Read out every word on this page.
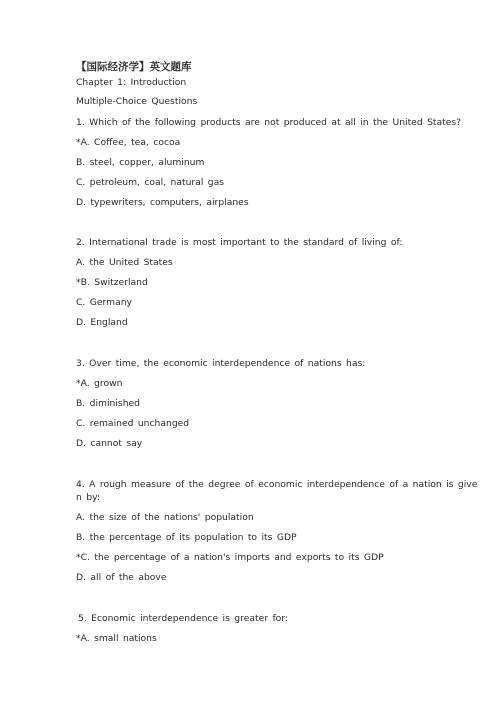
【国际经济学】英文题库
Chapter 1: Introduction
Multiple-Choice Questions
1. Which of the following products are not produced at all in the United States?
*A. Coffee, tea, cocoa
B. steel, copper, aluminum
C. petroleum, coal, natural gas
D. typewriters, computers, airplanes
2. International trade is most important to the standard of living of:
A. the United States
*B. Switzerland
C. Germany
D. England
3. Over time, the economic interdependence of nations has:
*A. grown
B. diminished
C. remained unchanged
D. cannot say
4. A rough measure of the degree of economic interdependence of a nation is give
n by:
A. the size of the nations' population
B. the percentage of its population to its GDP
*C. the percentage of a nation's imports and exports to its GDP
D. all of the above
5. Economic interdependence is greater for:
*A. small nations
